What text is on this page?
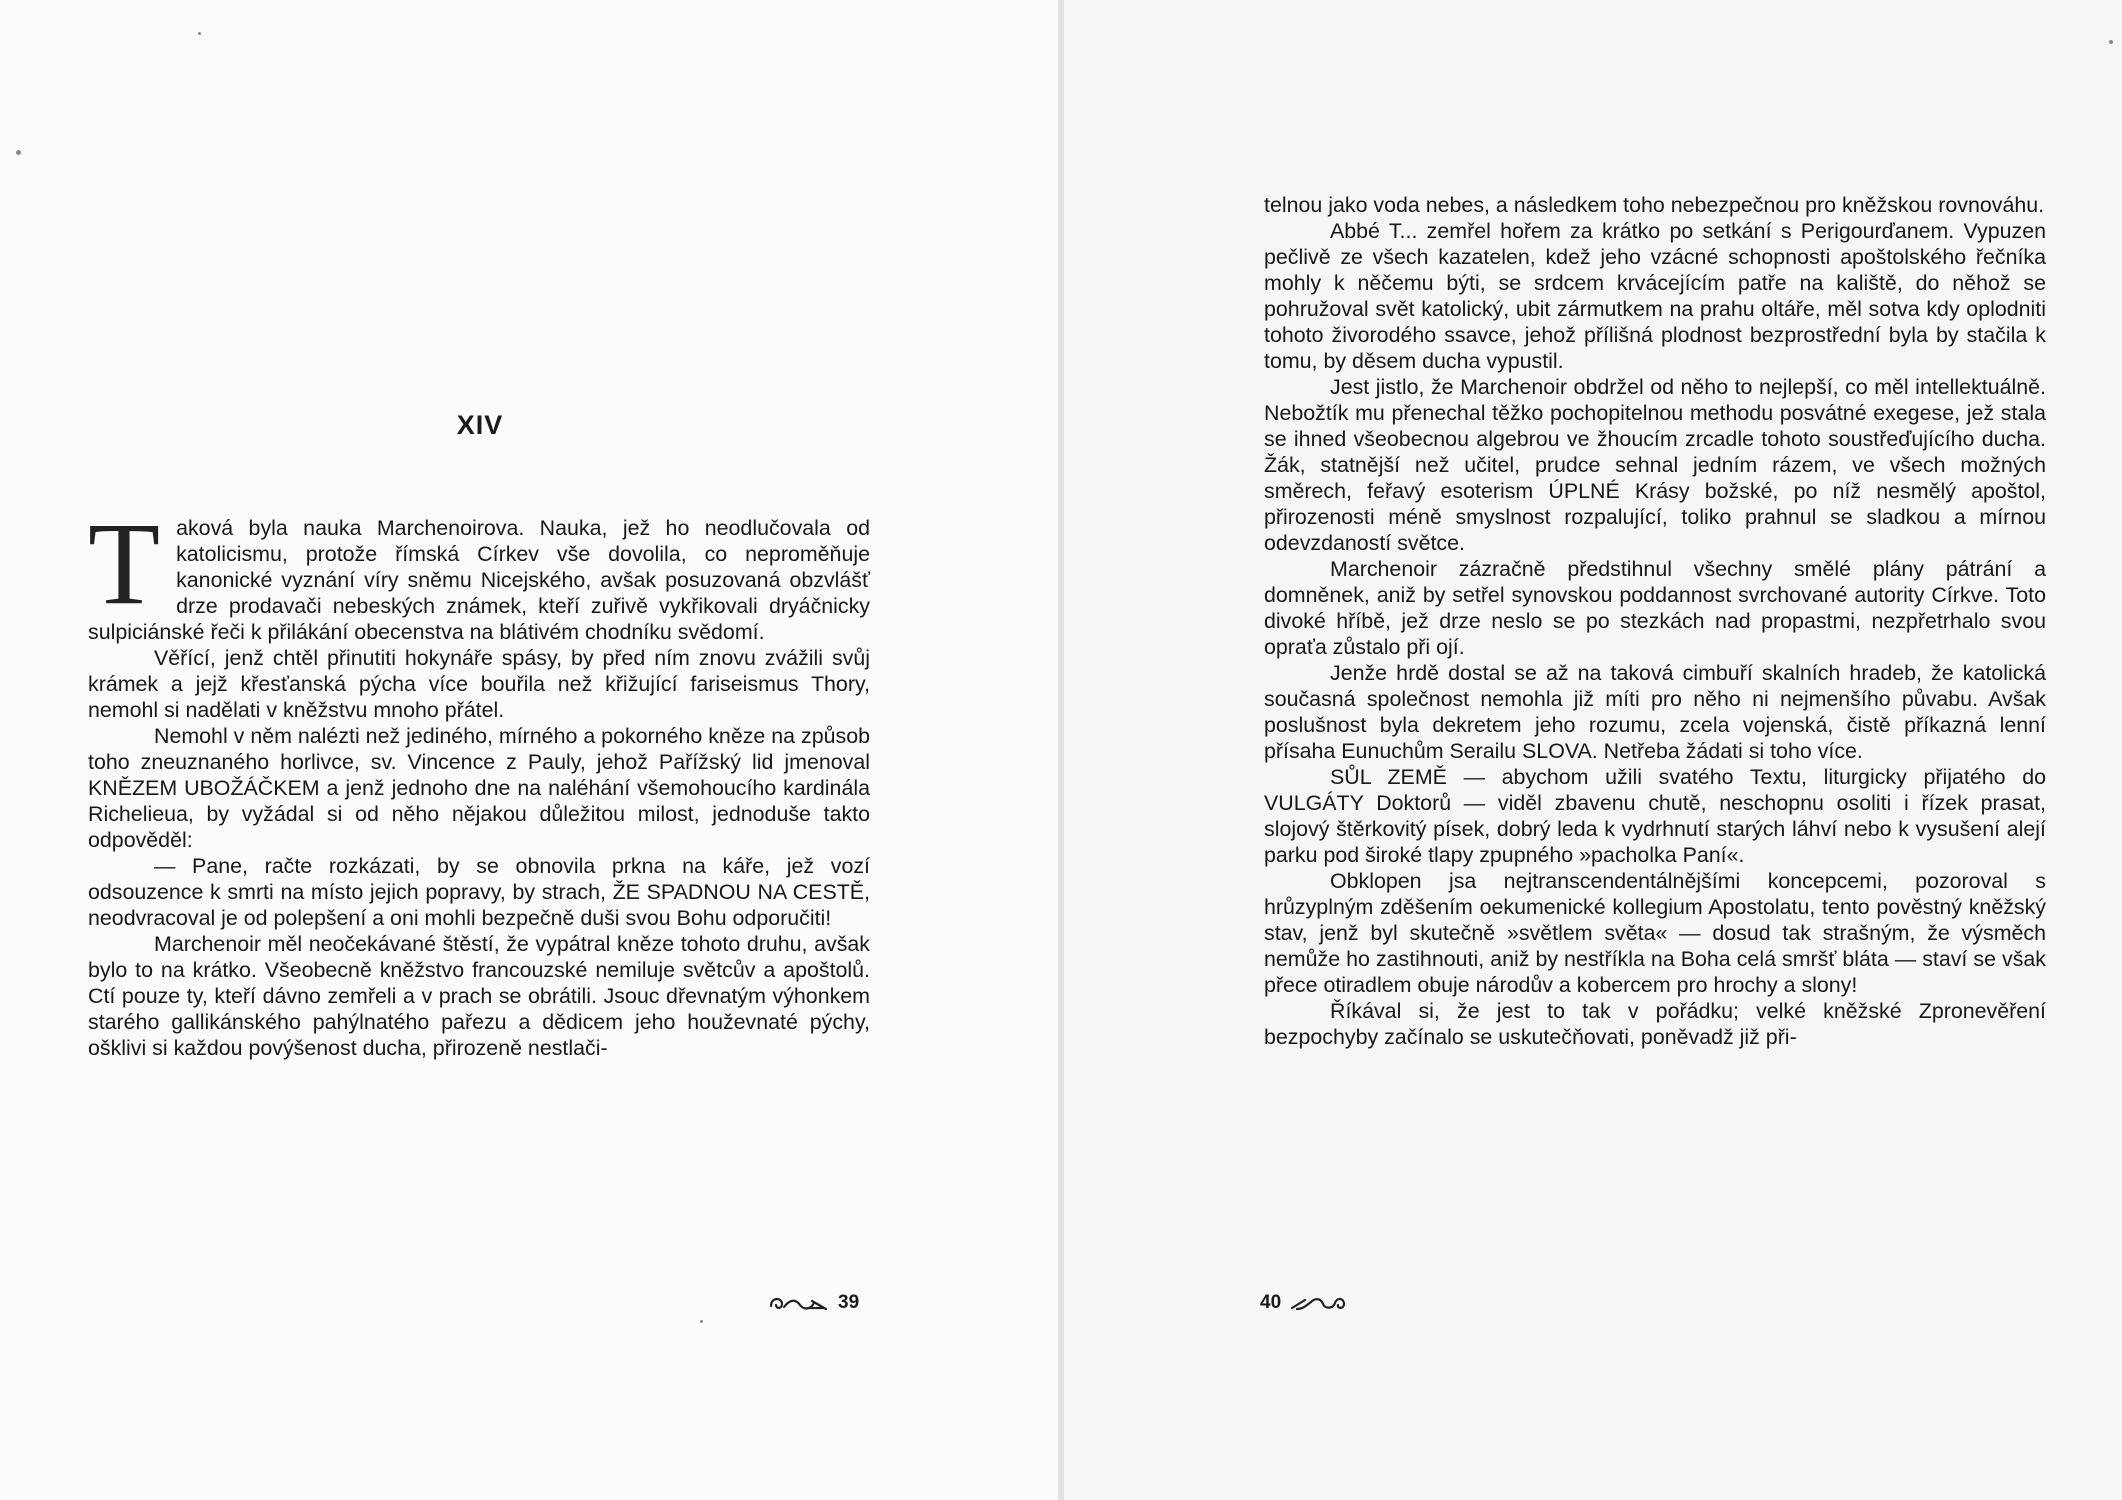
XIV

Taková byla nauka Marchenoirova. Nauka, jež ho neodlučovala od katolicismu, protože římská Církev vše dovolila, co neproměňuje kanonické vyznání víry sněmu Nicejského, avšak posuzovaná obzvlášť drze prodavači nebeských známek, kteří zuřivě vykřikovali dryáčnicky sulpiciánské řeči k přilákání obecenstva na blátivém chodníku svědomí.

Věřící, jenž chtěl přinutiti hokynáře spásy, by před ním znovu zvážili svůj krámek a jejž křesťanská pýcha více bouřila než křižující fariseismus Thory, nemohl si nadělati v kněžstvu mnoho přátel.

Nemohl v něm nalézti než jediného, mírného a pokorného kněze na způsob toho zneuznaného horlivce, sv. Vincence z Pauly, jehož Pařížský lid jmenoval KNĚZEM UBOŽÁČKEM a jenž jednoho dne na naléhání všemohoucího kardinála Richelieua, by vyžádal si od něho nějakou důležitou milost, jednoduše takto odpověděl:

— Pane, račte rozkázati, by se obnovila prkna na káře, jež vozí odsouzence k smrti na místo jejich popravy, by strach, ŽE SPADNOU NA CESTĚ, neodvracoval je od polepšení a oni mohli bezpečně duši svou Bohu odporučiti!

Marchenoir měl neočekávané štěstí, že vypátral kněze tohoto druhu, avšak bylo to na krátko. Všeobecně kněžstvo francouzské nemiluje světcův a apoštolů. Ctí pouze ty, kteří dávno zemřeli a v prach se obrátili. Jsouc dřevnatým výhonkem starého gallikánského pahýlnatého pařezu a dědicem jeho houževnaté pýchy, ošklivi si každou povýšenost ducha, přirozeně nestlači-

39

telnou jako voda nebes, a následkem toho nebezpečnou pro kněžskou rovnováhu.

Abbé T... zemřel hořem za krátko po setkání s Perigourďanem. Vypuzen pečlivě ze všech kazatelen, kdež jeho vzácné schopnosti apoštolského řečníka mohly k něčemu býti, se srdcem krvácejícím patře na kaliště, do něhož se pohružoval svět katolický, ubit zármutkem na prahu oltáře, měl sotva kdy oplodniti tohoto živorodého ssavce, jehož přílišná plodnost bezprostřední byla by stačila k tomu, by děsem ducha vypustil.

Jest jistlo, že Marchenoir obdržel od něho to nejlepší, co měl intellektuálně. Nebožtík mu přenechal těžko pochopitelnou methodu posvátné exegese, jež stala se ihned všeobecnou algebrou ve žhoucím zrcadle tohoto soustřeďujícího ducha. Žák, statnější než učitel, prudce sehnal jedním rázem, ve všech možných směrech, feřavý esoterism ÚPLNÉ Krásy božské, po níž nesmělý apoštol, přirozenosti méně smyslnost rozpalující, toliko prahnul se sladkou a mírnou odevzdaností světce.

Marchenoir zázračně předstihnul všechny smělé plány pátrání a domněnek, aniž by setřel synovskou poddannost svrchované autority Církve. Toto divoké hříbě, jež drze neslo se po stezkách nad propastmi, nezpřetrhalo svou opraťa zůstalo při ojí.

Jenže hrdě dostal se až na taková cimbuří skalních hradeb, že katolická současná společnost nemohla již míti pro něho ni nejmenšího půvabu. Avšak poslušnost byla dekretem jeho rozumu, zcela vojenská, čistě příkazná lenní přísaha Eunuchům Serailu SLOVA. Netřeba žádati si toho více.

SŮL ZEMĚ — abychom užili svatého Textu, liturgicky přijatého do VULGÁTY Doktorů — viděl zbavenu chutě, neschopnu osoliti i řízek prasat, slojový štěrkovitý písek, dobrý leda k vydrhnutí starých láhví nebo k vysušení alejí parku pod široké tlapy zpupného »pacholka Paní«.

Obklopen jsa nejtranscendentálnějšími koncepcemi, pozoroval s hrůzyplným zděšením oekumenické kollegium Apostolatu, tento pověstný kněžský stav, jenž byl skutečně »světlem světa« — dosud tak strašným, že výsměch nemůže ho zastihnouti, aniž by nestříkla na Boha celá smršť bláta — staví se však přece otiradlem obuje národův a kobercem pro hrochy a slony!

Říkával si, že jest to tak v pořádku; velké kněžské Zpronevěření bezpochyby začínalo se uskutečňovati, poněvadž již při-

40
